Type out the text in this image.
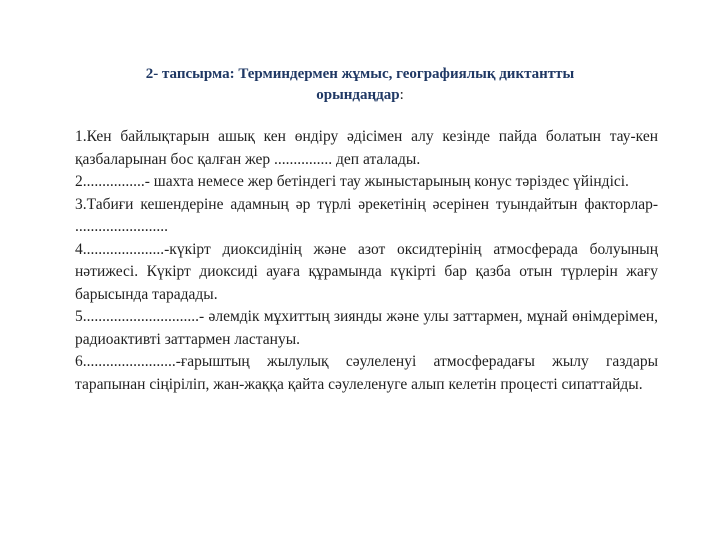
2- тапсырма: Терминдермен жұмыс, географиялық диктантты
орындаңдар:

1.Кен байлықтарын ашық кен өндіру әдісімен алу кезінде пайда болатын тау-кен қазбаларынан бос қалған жер ............... деп аталады.

2................- шахта немесе жер бетіндегі тау жыныстарының конус тәріздес үйіндісі.

3.Табиғи кешендеріне адамның әр түрлі әрекетінің әсерінен туындайтын факторлар- ........................

4.....................-күкірт диоксидінің және азот оксидтерінің атмосферада болуының нәтижесі. Күкірт диоксиді ауаға құрамында күкірті бар қазба отын түрлерін жағу барысында тарадады.

5..............................- әлемдік мұхиттың зиянды және улы заттармен, мұнай өнімдерімен, радиоактивті заттармен ластануы.

6........................-ғарыштың жылулық сәулеленуі атмосферадағы жылу газдары тарапынан сіңіріліп, жан-жаққа қайта сәулеленуге алып келетін процесті сипаттайды.
